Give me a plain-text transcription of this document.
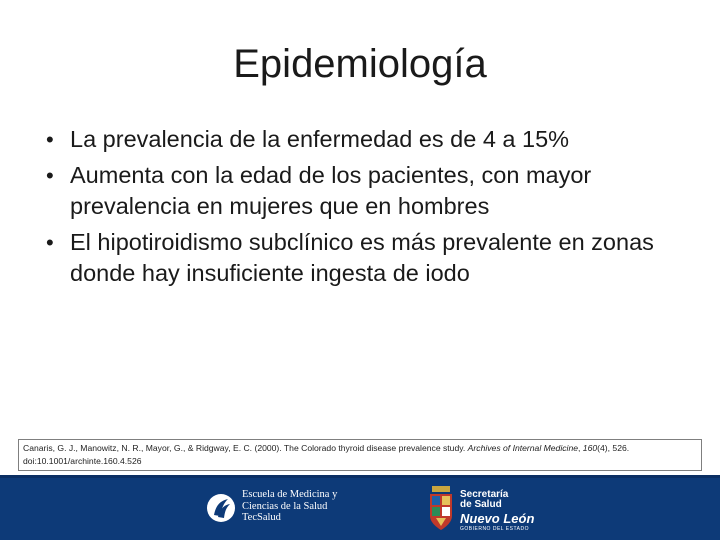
Epidemiología
• La prevalencia de la enfermedad es de 4 a 15%
• Aumenta con la edad de los pacientes, con mayor prevalencia en mujeres que en hombres
• El hipotiroidismo subclínico es más prevalente en zonas donde hay insuficiente ingesta de iodo
Canaris, G. J., Manowitz, N. R., Mayor, G., & Ridgway, E. C. (2000). The Colorado thyroid disease prevalence study. Archives of Internal Medicine, 160(4), 526. doi:10.1001/archinte.160.4.526
Escuela de Medicina y
Ciencias de la Salud
TecSalud
Secretaría
de Salud
Nuevo León
GOBIERNO DEL ESTADO
